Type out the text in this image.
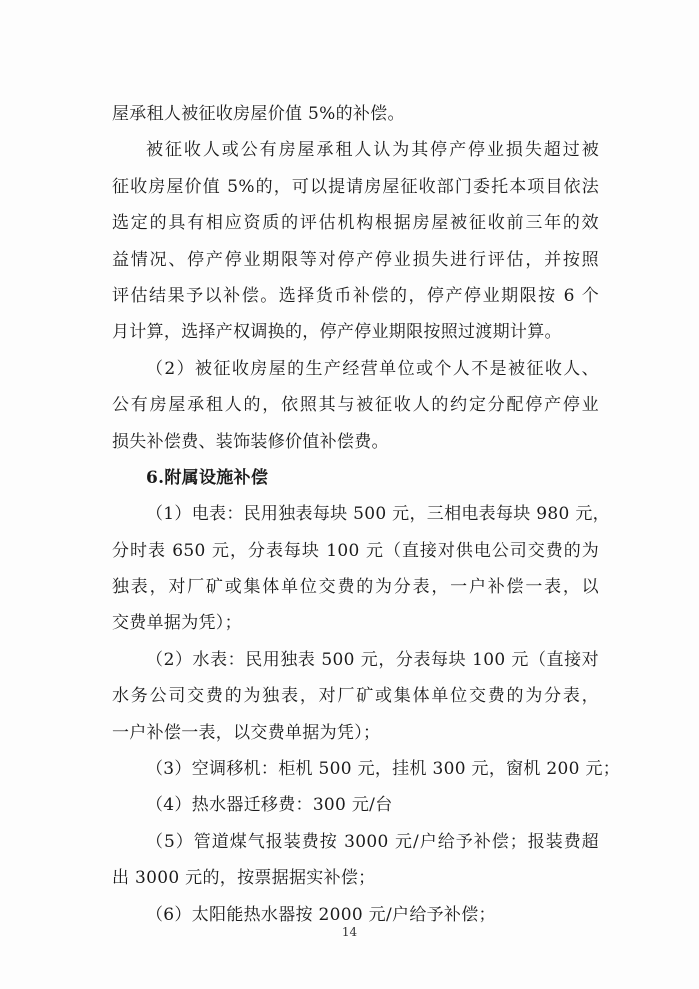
屋承租人被征收房屋价值 5%的补偿。
被征收人或公有房屋承租人认为其停产停业损失超过被
征收房屋价值 5%的，可以提请房屋征收部门委托本项目依法
选定的具有相应资质的评估机构根据房屋被征收前三年的效
益情况、停产停业期限等对停产停业损失进行评估，并按照
评估结果予以补偿。选择货币补偿的，停产停业期限按 6 个
月计算，选择产权调换的，停产停业期限按照过渡期计算。
（2）被征收房屋的生产经营单位或个人不是被征收人、
公有房屋承租人的，依照其与被征收人的约定分配停产停业
损失补偿费、装饰装修价值补偿费。
6.附属设施补偿
（1）电表：民用独表每块 500 元，三相电表每块 980 元，
分时表 650 元，分表每块 100 元（直接对供电公司交费的为
独表，对厂矿或集体单位交费的为分表，一户补偿一表，以
交费单据为凭）；
（2）水表：民用独表 500 元，分表每块 100 元（直接对
水务公司交费的为独表，对厂矿或集体单位交费的为分表，
一户补偿一表，以交费单据为凭）；
（3）空调移机：柜机 500 元，挂机 300 元，窗机 200 元；
（4）热水器迁移费：300 元/台
（5）管道煤气报装费按 3000 元/户给予补偿；报装费超
出 3000 元的，按票据据实补偿；
（6）太阳能热水器按 2000 元/户给予补偿；
14
